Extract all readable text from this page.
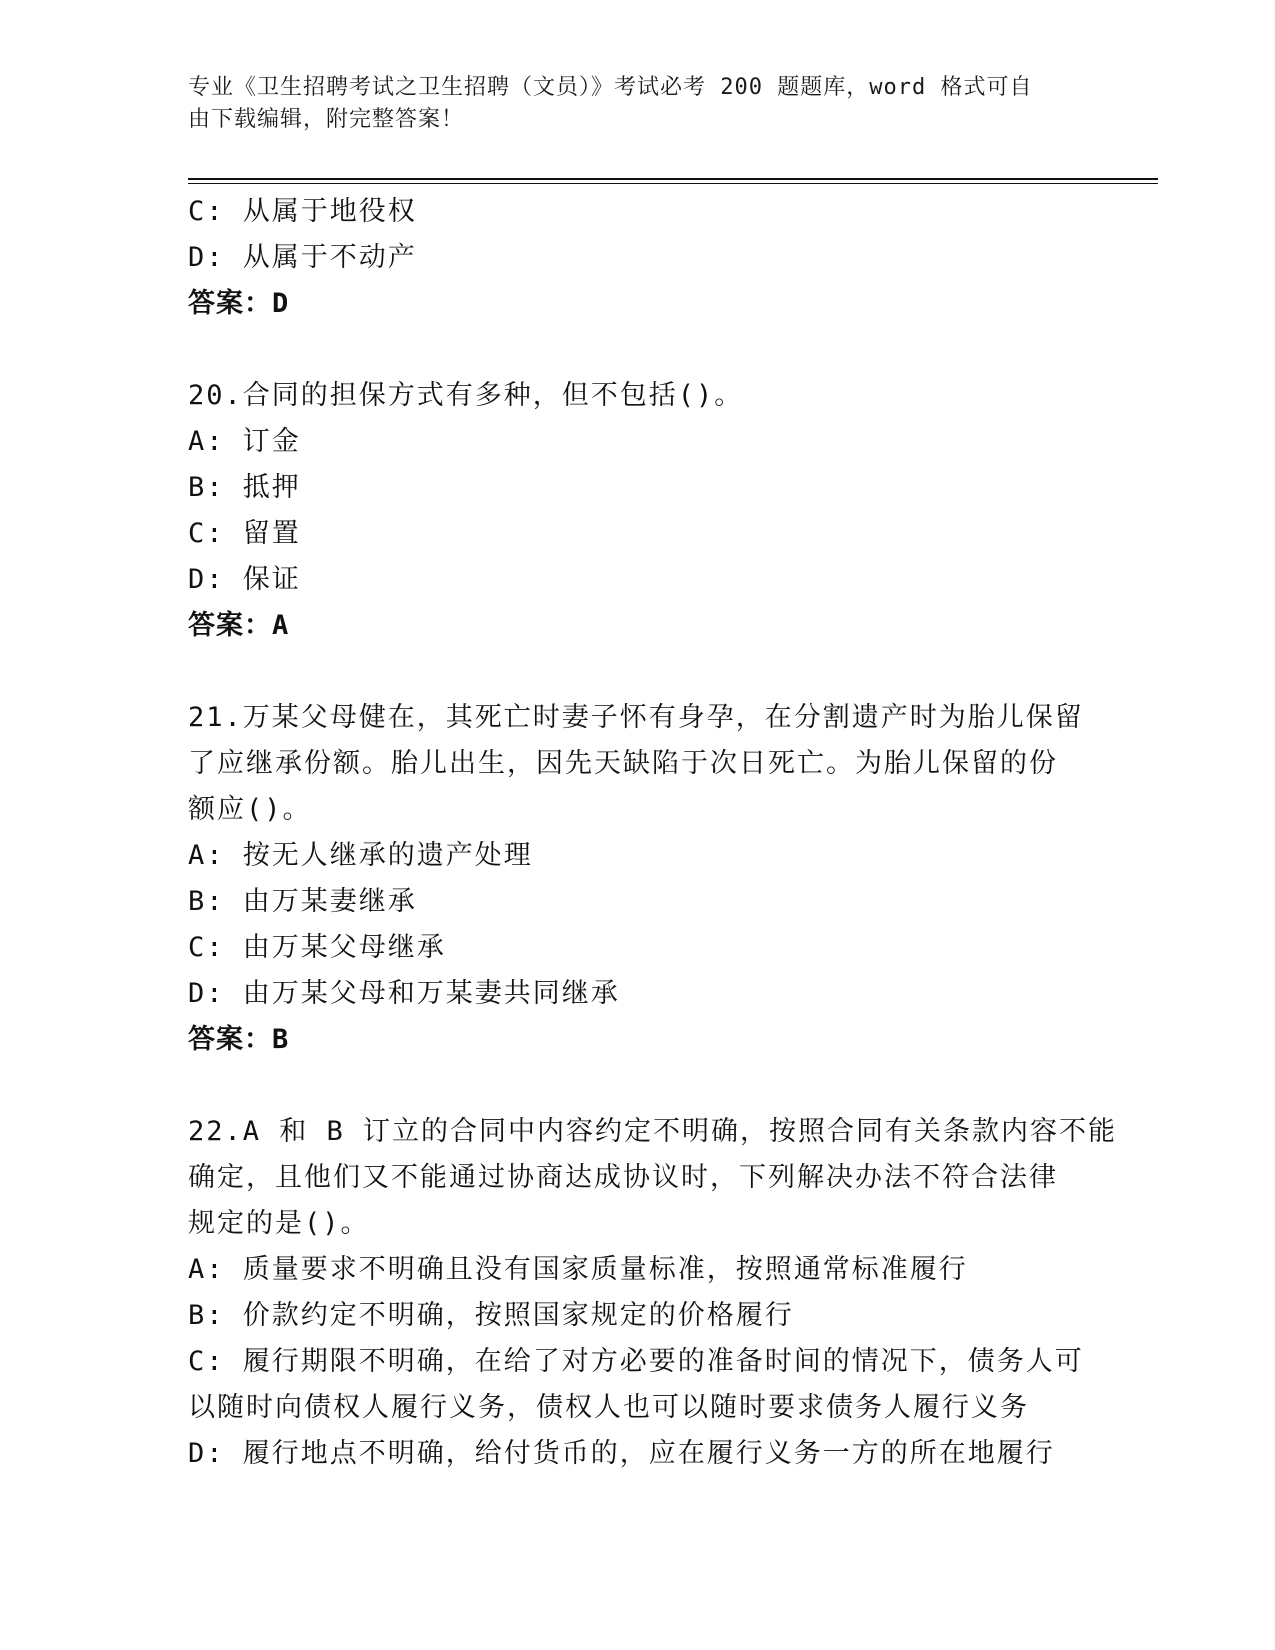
专业《卫生招聘考试之卫生招聘（文员）》考试必考 200 题题库，word 格式可自
由下载编辑，附完整答案！
C: 从属于地役权
D: 从属于不动产
答案：D
20.合同的担保方式有多种，但不包括()。
A: 订金
B: 抵押
C: 留置
D: 保证
答案：A
21.万某父母健在，其死亡时妻子怀有身孕，在分割遗产时为胎儿保留
了应继承份额。胎儿出生，因先天缺陷于次日死亡。为胎儿保留的份
额应()。
A: 按无人继承的遗产处理
B: 由万某妻继承
C: 由万某父母继承
D: 由万某父母和万某妻共同继承
答案：B
22.A 和 B 订立的合同中内容约定不明确，按照合同有关条款内容不能
确定，且他们又不能通过协商达成协议时，下列解决办法不符合法律
规定的是()。
A: 质量要求不明确且没有国家质量标准，按照通常标准履行
B: 价款约定不明确，按照国家规定的价格履行
C: 履行期限不明确，在给了对方必要的准备时间的情况下，债务人可
以随时向债权人履行义务，债权人也可以随时要求债务人履行义务
D: 履行地点不明确，给付货币的，应在履行义务一方的所在地履行
